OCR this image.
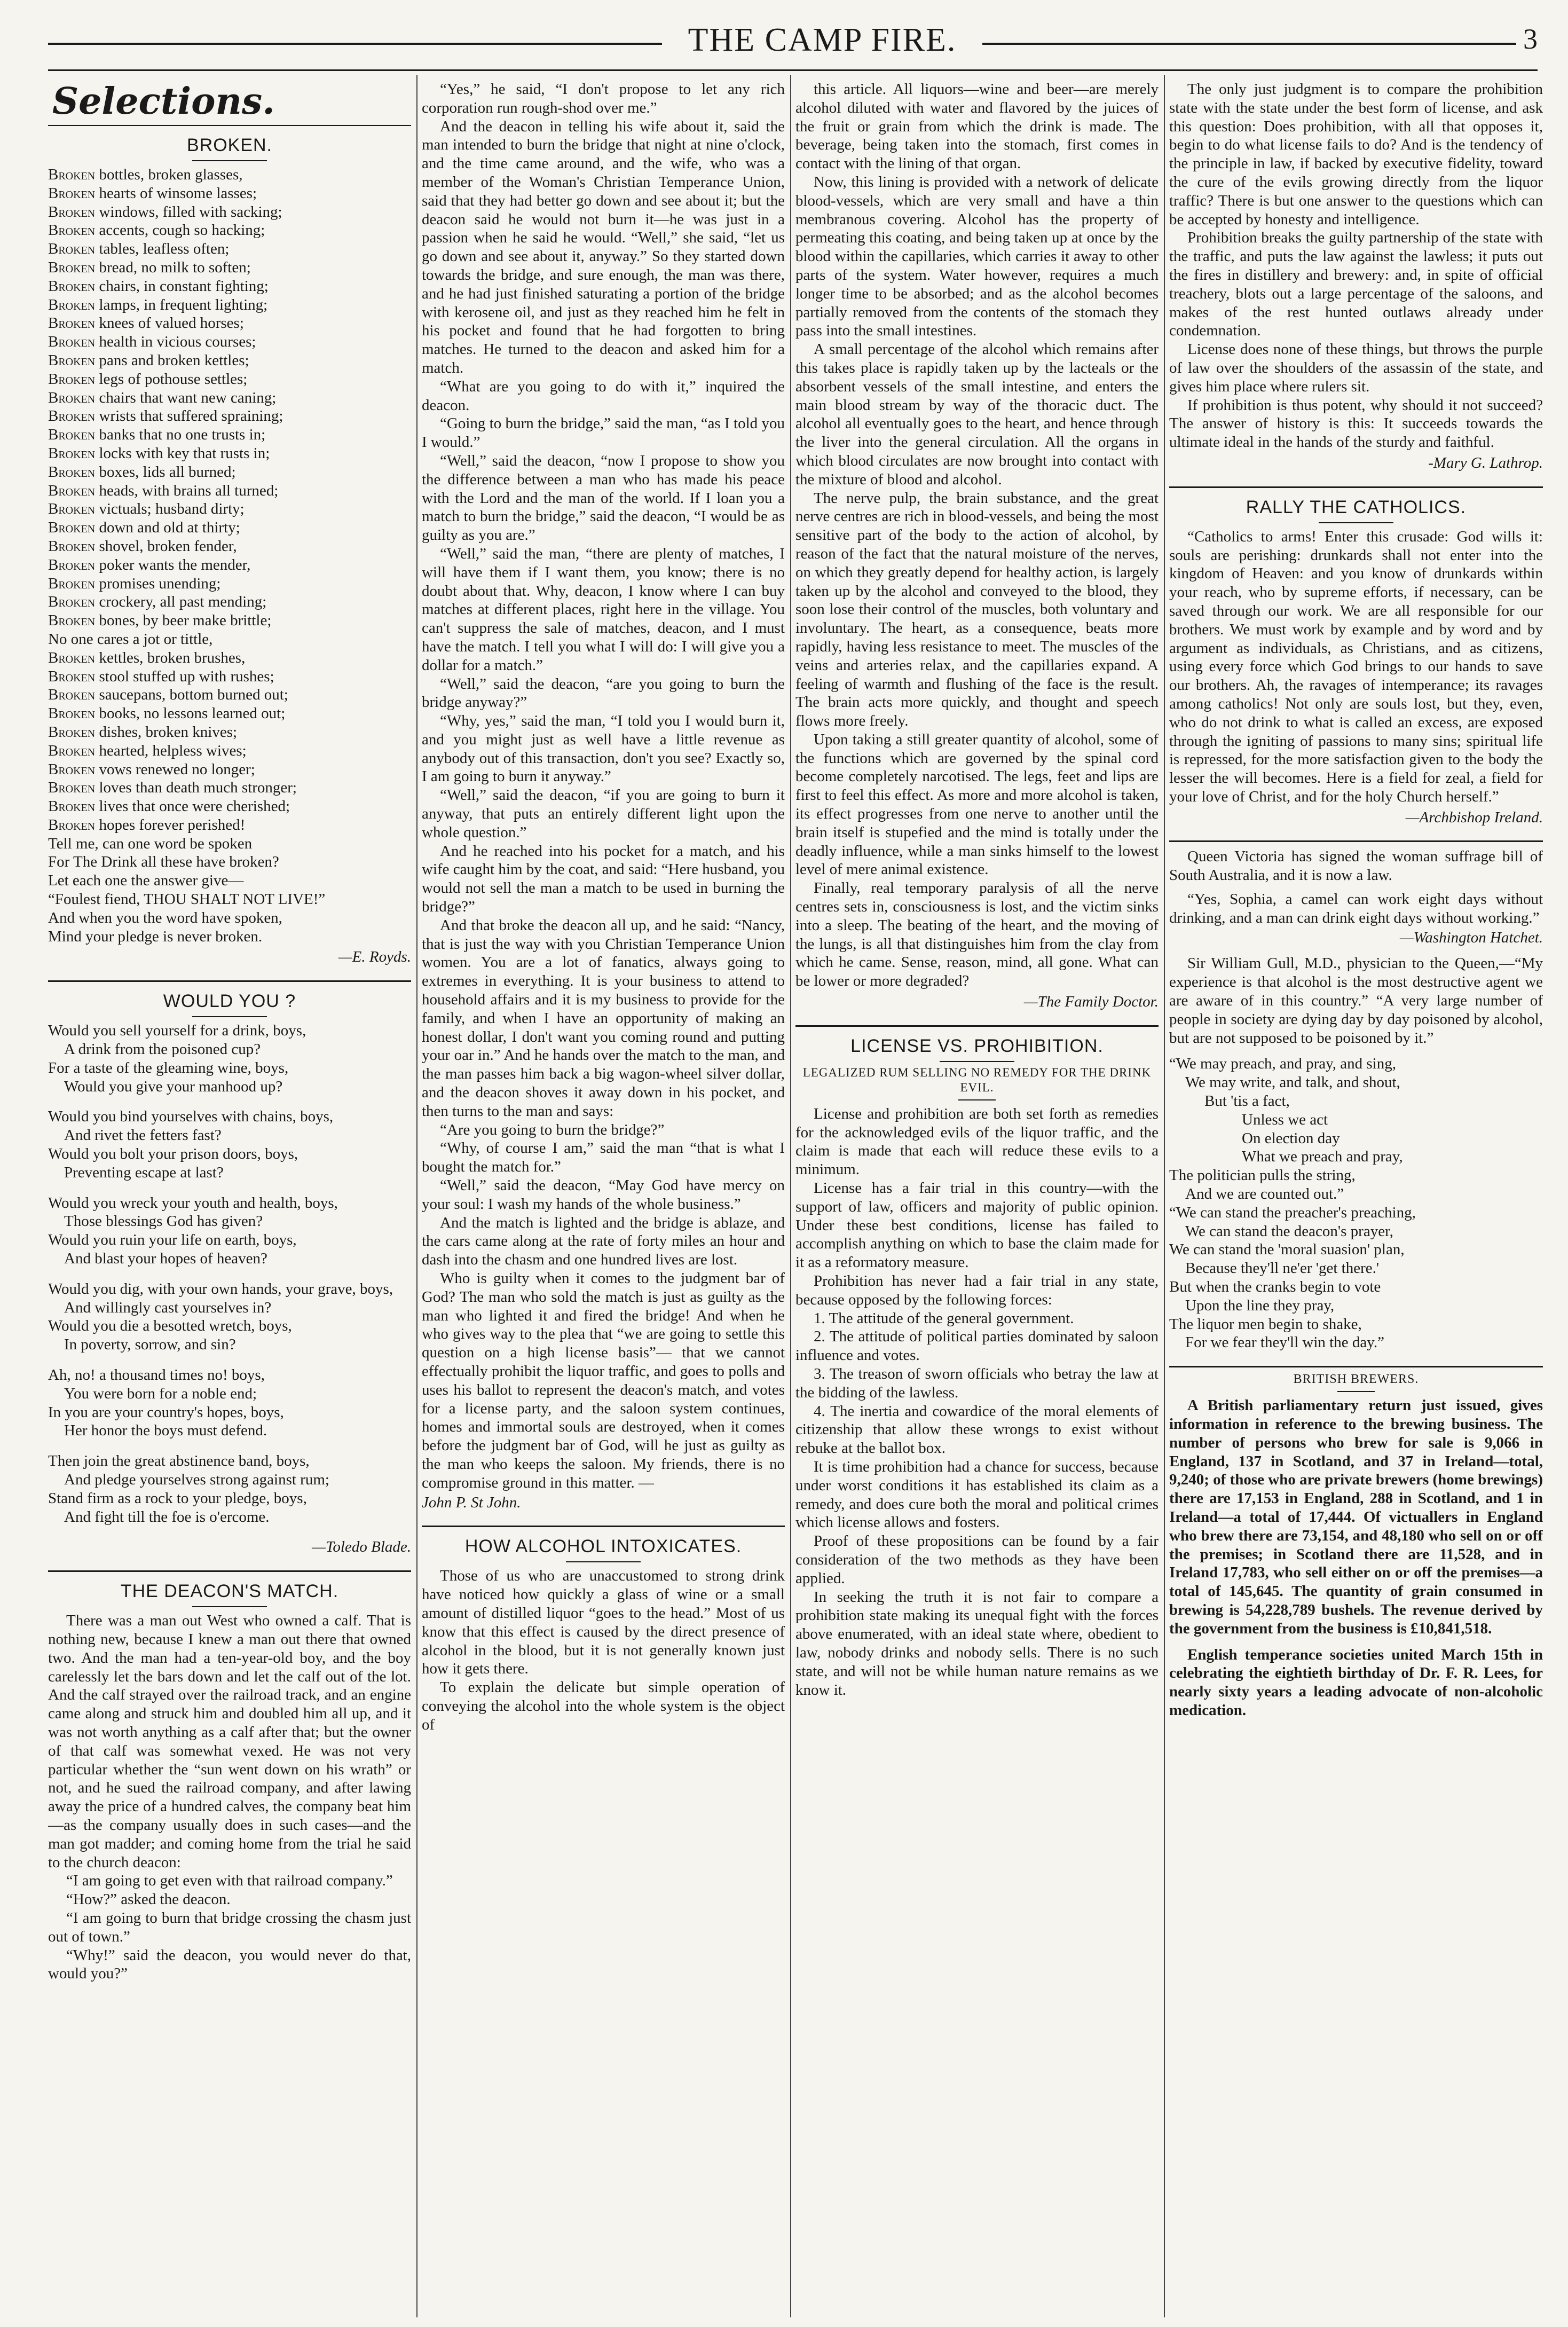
THE CAMP FIRE.	3
Selections.
BROKEN.

Broken bottles, broken glasses,

Broken hearts of winsome lasses;

Broken windows, filled with sacking;

Broken accents, cough so hacking;

Broken tables, leafless often;

Broken bread, no milk to soften;

Broken chairs, in constant fighting;

Broken lamps, in frequent lighting;

Broken knees of valued horses;

Broken health in vicious courses;

Broken pans and broken kettles;

Broken legs of pothouse settles;

Broken chairs that want new caning;

Broken wrists that suffered spraining;

Broken banks that no one trusts in;

Broken locks with key that rusts in;

Broken boxes, lids all burned;

Broken heads, with brains all turned;

Broken victuals; husband dirty;

Broken down and old at thirty;

Broken shovel, broken fender,

Broken poker wants the mender,

Broken promises unending;

Broken crockery, all past mending;

Broken bones, by beer make brittle;

No one cares a jot or tittle,

Broken kettles, broken brushes,

Broken stool stuffed up with rushes;

Broken saucepans, bottom burned out;

Broken books, no lessons learned out;

Broken dishes, broken knives;

Broken hearted, helpless wives;

Broken vows renewed no longer;

Broken loves than death much stronger;

Broken lives that once were cherished;

Broken hopes forever perished!

Tell me, can one word be spoken

For The Drink all these have broken?

Let each one the answer give—

“Foulest fiend, THOU SHALT NOT LIVE!”

And when you the word have spoken,

Mind your pledge is never broken.

—E. Royds.
WOULD YOU ?

Would you sell yourself for a drink, boys,

A drink from the poisoned cup?

For a taste of the gleaming wine, boys,

Would you give your manhood up?

Would you bind yourselves with chains, boys,

And rivet the fetters fast?

Would you bolt your prison doors, boys,

Preventing escape at last?

Would you wreck your youth and health, boys,

Those blessings God has given?

Would you ruin your life on earth, boys,

And blast your hopes of heaven?

Would you dig, with your own hands, your grave, boys,

And willingly cast yourselves in?

Would you die a besotted wretch, boys,

In poverty, sorrow, and sin?

Ah, no! a thousand times no! boys,

You were born for a noble end;

In you are your country's hopes, boys,

Her honor the boys must defend.

Then join the great abstinence band, boys,

And pledge yourselves strong against rum;

Stand firm as a rock to your pledge, boys,

And fight till the foe is o'ercome.

—Toledo Blade.
THE DEACON'S MATCH.

There was a man out West who owned a calf. That is nothing new, because I knew a man out there that owned two. And the man had a ten-year-old boy, and the boy carelessly let the bars down and let the calf out of the lot. And the calf strayed over the railroad track, and an engine came along and struck him and doubled him all up, and it was not worth anything as a calf after that; but the owner of that calf was somewhat vexed. He was not very particular whether the “sun went down on his wrath” or not, and he sued the railroad company, and after lawing away the price of a hundred calves, the company beat him—as the company usually does in such cases—and the man got madder; and coming home from the trial he said to the church deacon:

“I am going to get even with that railroad company.”

“How?” asked the deacon.

“I am going to burn that bridge crossing the chasm just out of town.”

“Why!” said the deacon, you would never do that, would you?”

“Yes,” he said, “I don't propose to let any rich corporation run rough-shod over me.”

And the deacon in telling his wife about it, said the man intended to burn the bridge that night at nine o'clock, and the time came around, and the wife, who was a member of the Woman's Christian Temperance Union, said that they had better go down and see about it; but the deacon said he would not burn it—he was just in a passion when he said he would. “Well,” she said, “let us go down and see about it, anyway.” So they started down towards the bridge, and sure enough, the man was there, and he had just finished saturating a portion of the bridge with kerosene oil, and just as they reached him he felt in his pocket and found that he had forgotten to bring matches. He turned to the deacon and asked him for a match.

“What are you going to do with it,” inquired the deacon.

“Going to burn the bridge,” said the man, “as I told you I would.”

“Well,” said the deacon, “now I propose to show you the difference between a man who has made his peace with the Lord and the man of the world. If I loan you a match to burn the bridge,” said the deacon, “I would be as guilty as you are.”

“Well,” said the man, “there are plenty of matches, I will have them if I want them, you know; there is no doubt about that. Why, deacon, I know where I can buy matches at different places, right here in the village. You can't suppress the sale of matches, deacon, and I must have the match. I tell you what I will do: I will give you a dollar for a match.”

“Well,” said the deacon, “are you going to burn the bridge anyway?”

“Why, yes,” said the man, “I told you I would burn it, and you might just as well have a little revenue as anybody out of this transaction, don't you see? Exactly so, I am going to burn it anyway.”

“Well,” said the deacon, “if you are going to burn it anyway, that puts an entirely different light upon the whole question.”

And he reached into his pocket for a match, and his wife caught him by the coat, and said: “Here husband, you would not sell the man a match to be used in burning the bridge?”

And that broke the deacon all up, and he said: “Nancy, that is just the way with you Christian Temperance Union women. You are a lot of fanatics, always going to extremes in everything. It is your business to attend to household affairs and it is my business to provide for the family, and when I have an opportunity of making an honest dollar, I don't want you coming round and putting your oar in.” And he hands over the match to the man, and the man passes him back a big wagon-wheel silver dollar, and the deacon shoves it away down in his pocket, and then turns to the man and says:

“Are you going to burn the bridge?”

“Why, of course I am,” said the man “that is what I bought the match for.”

“Well,” said the deacon, “May God have mercy on your soul: I wash my hands of the whole business.”

And the match is lighted and the bridge is ablaze, and the cars came along at the rate of forty miles an hour and dash into the chasm and one hundred lives are lost.

Who is guilty when it comes to the judgment bar of God? The man who sold the match is just as guilty as the man who lighted it and fired the bridge! And when he who gives way to the plea that “we are going to settle this question on a high license basis”— that we cannot effectually prohibit the liquor traffic, and goes to polls and uses his ballot to represent the deacon's match, and votes for a license party, and the saloon system continues, homes and immortal souls are destroyed, when it comes before the judgment bar of God, will he just as guilty as the man who keeps the saloon. My friends, there is no compromise ground in this matter. —

John P. St John.

HOW ALCOHOL INTOXICATES.

Those of us who are unaccustomed to strong drink have noticed how quickly a glass of wine or a small amount of distilled liquor “goes to the head.” Most of us know that this effect is caused by the direct presence of alcohol in the blood, but it is not generally known just how it gets there.

To explain the delicate but simple operation of conveying the alcohol into the whole system is the object of

this article. All liquors—wine and beer—are merely alcohol diluted with water and flavored by the juices of the fruit or grain from which the drink is made. The beverage, being taken into the stomach, first comes in contact with the lining of that organ.

Now, this lining is provided with a network of delicate blood-vessels, which are very small and have a thin membranous covering. Alcohol has the property of permeating this coating, and being taken up at once by the blood within the capillaries, which carries it away to other parts of the system. Water however, requires a much longer time to be absorbed; and as the alcohol becomes partially removed from the contents of the stomach they pass into the small intestines.

A small percentage of the alcohol which remains after this takes place is rapidly taken up by the lacteals or the absorbent vessels of the small intestine, and enters the main blood stream by way of the thoracic duct. The alcohol all eventually goes to the heart, and hence through the liver into the general circulation. All the organs in which blood circulates are now brought into contact with the mixture of blood and alcohol.

The nerve pulp, the brain substance, and the great nerve centres are rich in blood-vessels, and being the most sensitive part of the body to the action of alcohol, by reason of the fact that the natural moisture of the nerves, on which they greatly depend for healthy action, is largely taken up by the alcohol and conveyed to the blood, they soon lose their control of the muscles, both voluntary and involuntary. The heart, as a consequence, beats more rapidly, having less resistance to meet. The muscles of the veins and arteries relax, and the capillaries expand. A feeling of warmth and flushing of the face is the result. The brain acts more quickly, and thought and speech flows more freely.

Upon taking a still greater quantity of alcohol, some of the functions which are governed by the spinal cord become completely narcotised. The legs, feet and lips are first to feel this effect. As more and more alcohol is taken, its effect progresses from one nerve to another until the brain itself is stupefied and the mind is totally under the deadly influence, while a man sinks himself to the lowest level of mere animal existence.

Finally, real temporary paralysis of all the nerve centres sets in, consciousness is lost, and the victim sinks into a sleep. The beating of the heart, and the moving of the lungs, is all that distinguishes him from the clay from which he came. Sense, reason, mind, all gone. What can be lower or more degraded?

—The Family Doctor.

LICENSE VS. PROHIBITION.
LEGALIZED RUM SELLING NO REMEDY FOR THE DRINK EVIL.

License and prohibition are both set forth as remedies for the acknowledged evils of the liquor traffic, and the claim is made that each will reduce these evils to a minimum.

License has a fair trial in this country—with the support of law, officers and majority of public opinion. Under these best conditions, license has failed to accomplish anything on which to base the claim made for it as a reformatory measure.

Prohibition has never had a fair trial in any state, because opposed by the following forces:

1. The attitude of the general government.

2. The attitude of political parties dominated by saloon influence and votes.

3. The treason of sworn officials who betray the law at the bidding of the lawless.

4. The inertia and cowardice of the moral elements of citizenship that allow these wrongs to exist without rebuke at the ballot box.

It is time prohibition had a chance for success, because under worst conditions it has established its claim as a remedy, and does cure both the moral and political crimes which license allows and fosters.

Proof of these propositions can be found by a fair consideration of the two methods as they have been applied.

In seeking the truth it is not fair to compare a prohibition state making its unequal fight with the forces above enumerated, with an ideal state where, obedient to law, nobody drinks and nobody sells. There is no such state, and will not be while human nature remains as we know it.

The only just judgment is to compare the prohibition state with the state under the best form of license, and ask this question: Does prohibition, with all that opposes it, begin to do what license fails to do? And is the tendency of the principle in law, if backed by executive fidelity, toward the cure of the evils growing directly from the liquor traffic? There is but one answer to the questions which can be accepted by honesty and intelligence.

Prohibition breaks the guilty partnership of the state with the traffic, and puts the law against the lawless; it puts out the fires in distillery and brewery: and, in spite of official treachery, blots out a large percentage of the saloons, and makes of the rest hunted outlaws already under condemnation.

License does none of these things, but throws the purple of law over the shoulders of the assassin of the state, and gives him place where rulers sit.

If prohibition is thus potent, why should it not succeed? The answer of history is this: It succeeds towards the ultimate ideal in the hands of the sturdy and faithful.

-Mary G. Lathrop.

RALLY THE CATHOLICS.

“Catholics to arms! Enter this crusade: God wills it: souls are perishing: drunkards shall not enter into the kingdom of Heaven: and you know of drunkards within your reach, who by supreme efforts, if necessary, can be saved through our work. We are all responsible for our brothers. We must work by example and by word and by argument as individuals, as Christians, and as citizens, using every force which God brings to our hands to save our brothers. Ah, the ravages of intemperance; its ravages among catholics! Not only are souls lost, but they, even, who do not drink to what is called an excess, are exposed through the igniting of passions to many sins; spiritual life is repressed, for the more satisfaction given to the body the lesser the will becomes. Here is a field for zeal, a field for your love of Christ, and for the holy Church herself.”

—Archbishop Ireland.

Queen Victoria has signed the woman suffrage bill of South Australia, and it is now a law.

“Yes, Sophia, a camel can work eight days without drinking, and a man can drink eight days without working.”

—Washington Hatchet.

Sir William Gull, M.D., physician to the Queen,—“My experience is that alcohol is the most destructive agent we are aware of in this country.” “A very large number of people in society are dying day by day poisoned by alcohol, but are not supposed to be poisoned by it.”

“We may preach, and pray, and sing,

We may write, and talk, and shout,

But 'tis a fact,

Unless we act

On election day

What we preach and pray,

The politician pulls the string,

And we are counted out.”

“We can stand the preacher's preaching,

We can stand the deacon's prayer,

We can stand the 'moral suasion' plan,

Because they'll ne'er 'get there.'

But when the cranks begin to vote

Upon the line they pray,

The liquor men begin to shake,

For we fear they'll win the day.”

BRITISH BREWERS.

A British parliamentary return just issued, gives information in reference to the brewing business. The number of persons who brew for sale is 9,066 in England, 137 in Scotland, and 37 in Ireland—total, 9,240; of those who are private brewers (home brewings) there are 17,153 in England, 288 in Scotland, and 1 in Ireland—a total of 17,444. Of victuallers in England who brew there are 73,154, and 48,180 who sell on or off the premises; in Scotland there are 11,528, and in Ireland 17,783, who sell either on or off the premises—a total of 145,645. The quantity of grain consumed in brewing is 54,228,789 bushels. The revenue derived by the government from the business is £10,841,518.

English temperance societies united March 15th in celebrating the eightieth birthday of Dr. F. R. Lees, for nearly sixty years a leading advocate of non-alcoholic medication.
